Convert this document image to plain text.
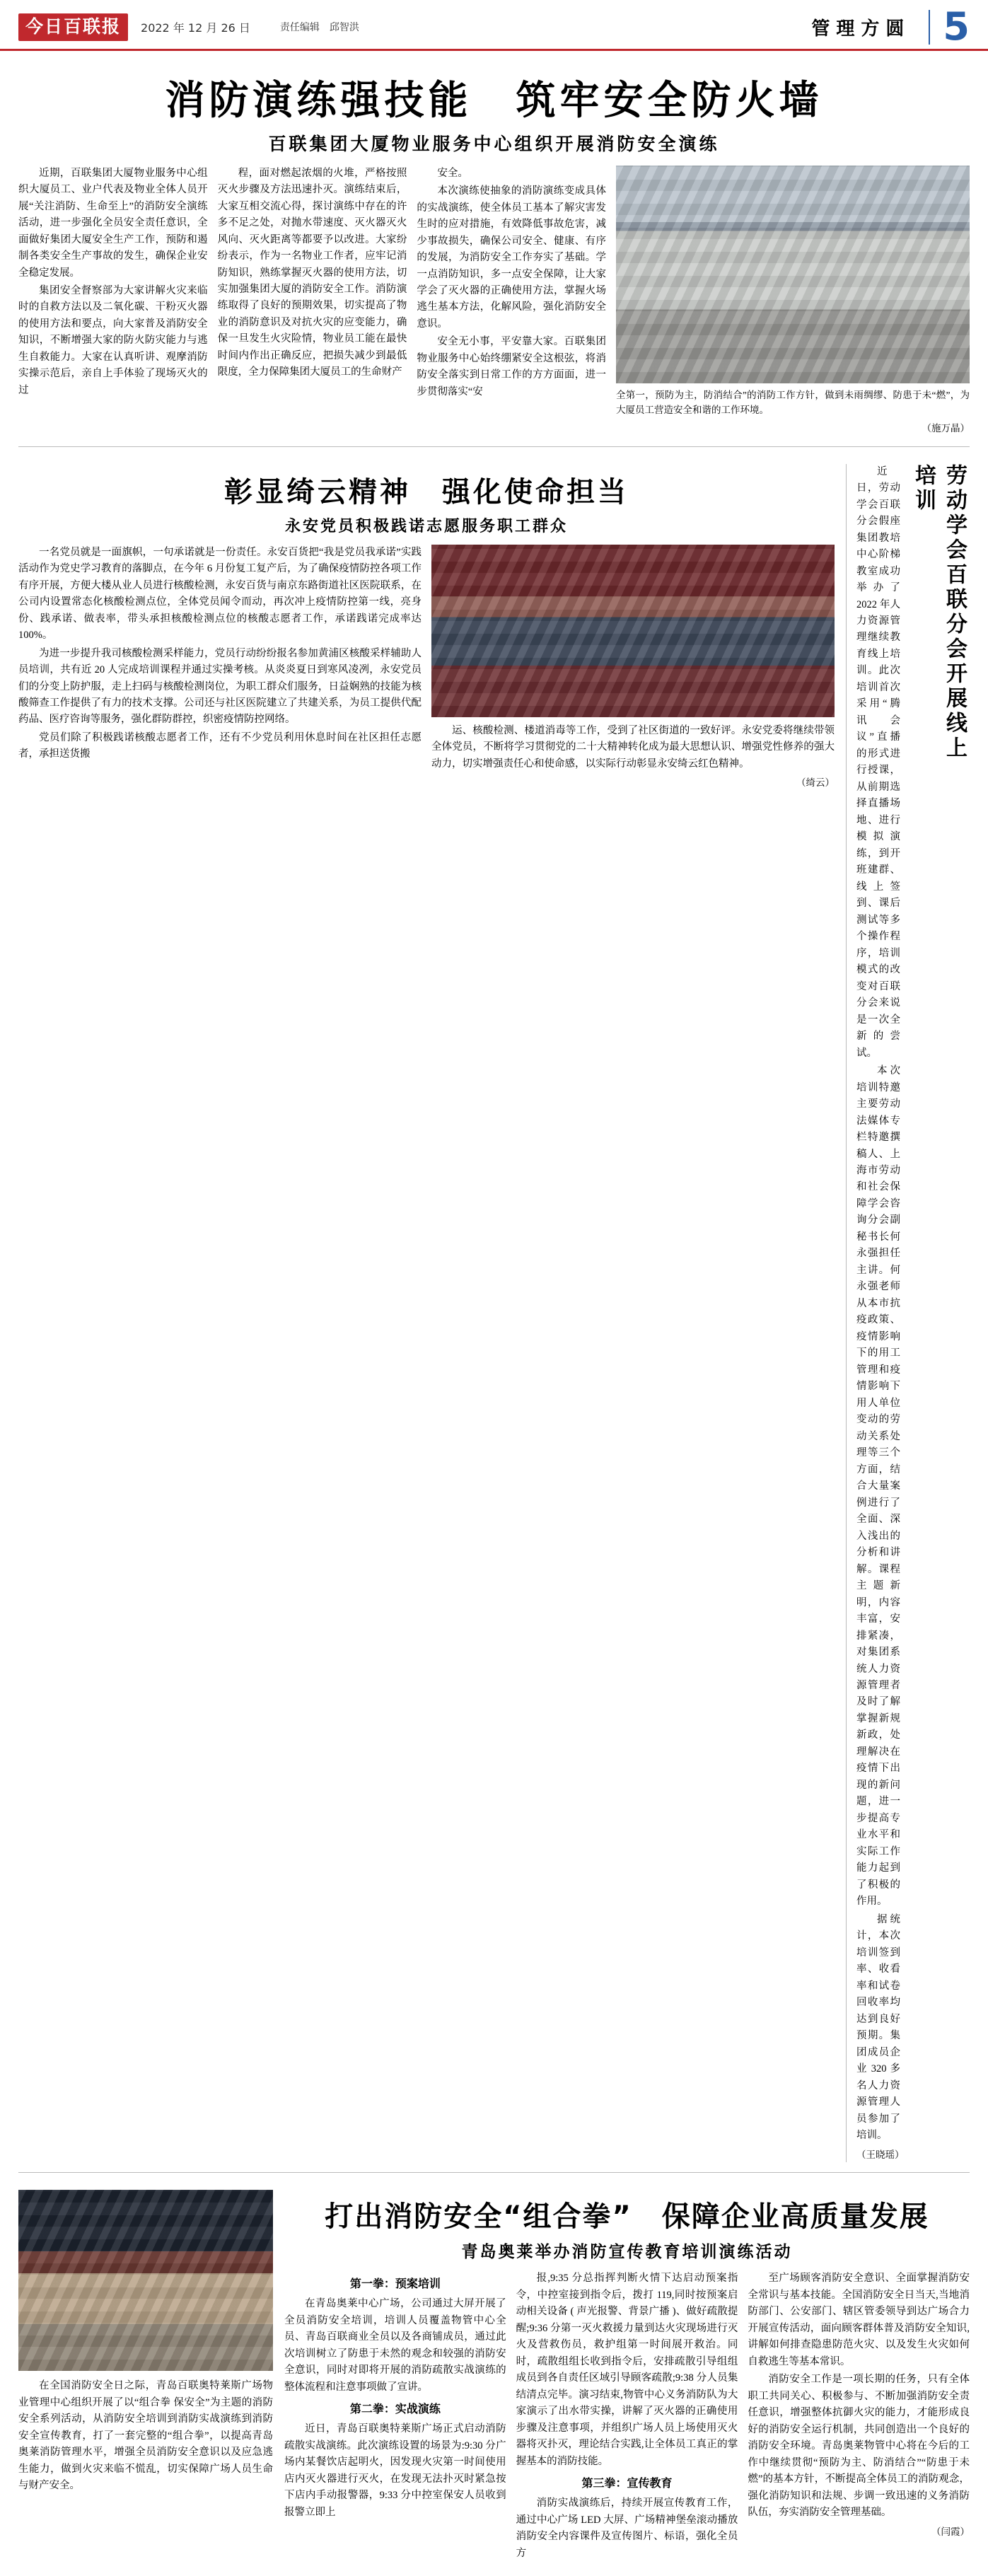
今日百联报	2022 年 12 月 26 日	责任编辑 邱智洪	管理方圆 5
消防演练强技能　筑牢安全防火墙
百联集团大厦物业服务中心组织开展消防安全演练

近期，百联集团大厦物业服务中心组织大厦员工、业户代表及物业全体人员开展“关注消防、生命至上”的消防安全演练活动，进一步强化全员安全责任意识，全面做好集团大厦安全生产工作，预防和遏制各类安全生产事故的发生，确保企业安全稳定发展。

集团安全督察部为大家讲解火灾来临时的自救方法以及二氧化碳、干粉灭火器的使用方法和要点，向大家普及消防安全知识，不断增强大家的防火防灾能力与逃生自救能力。大家在认真听讲、观摩消防实操示范后，亲自上手体验了现场灭火的过

程，面对燃起浓烟的火堆，严格按照灭火步骤及方法迅速扑灭。演练结束后，大家互相交流心得，探讨演练中存在的许多不足之处，对抛水带速度、灭火器灭火风向、灭火距离等都要予以改进。大家纷纷表示，作为一名物业工作者，应牢记消防知识，熟练掌握灭火器的使用方法，切实加强集团大厦的消防安全工作。消防演练取得了良好的预期效果，切实提高了物业的消防意识及对抗火灾的应变能力，确保一旦发生火灾险情，物业员工能在最快时间内作出正确反应，把损失减少到最低限度，全力保障集团大厦员工的生命财产

安全。

本次演练使抽象的消防演练变成具体的实战演练，使全体员工基本了解灾害发生时的应对措施，有效降低事故危害，减少事故损失，确保公司安全、健康、有序的发展，为消防安全工作夯实了基础。学一点消防知识，多一点安全保障，让大家学会了灭火器的正确使用方法，掌握火场逃生基本方法，化解风险，强化消防安全意识。

安全无小事，平安靠大家。百联集团物业服务中心始终绷紧安全这根弦，将消防安全落实到日常工作的方方面面，进一步贯彻落实“安	全第一，预防为主，防消结合”的消防工作方针，做到未雨绸缪、防患于未“燃”，为大厦员工营造安全和谐的工作环境。
（施万晶）
彰显绮云精神　强化使命担当
永安党员积极践诺志愿服务职工群众

一名党员就是一面旗帜，一句承诺就是一份责任。永安百货把“我是党员我承诺”实践活动作为党史学习教育的落脚点，在今年 6 月份复工复产后，为了确保疫情防控各项工作有序开展，方便大楼从业人员进行核酸检测，永安百货与南京东路街道社区医院联系，在公司内设置常态化核酸检测点位，全体党员闻令而动，再次冲上疫情防控第一线，亮身份、践承诺、做表率，带头承担核酸检测点位的核酸志愿者工作，承诺践诺完成率达 100%。

为进一步提升我司核酸检测采样能力，党员行动纷纷报名参加黄浦区核酸采样辅助人员培训，共有近 20 人完成培训课程并通过实操考核。从炎炎夏日到寒风凌冽，永安党员们的分变上防护服，走上扫码与核酸检测岗位，为职工群众们服务，日益娴熟的技能为核酸筛查工作提供了有力的技术支撑。公司还与社区医院建立了共建关系，为员工提供代配药品、医疗咨询等服务，强化群防群控，织密疫情防控网络。

党员们除了积极践诺核酸志愿者工作，还有不少党员利用休息时间在社区担任志愿者，承担送货搬

运、核酸检测、楼道消毒等工作，受到了社区街道的一致好评。永安党委将继续带领全体党员，不断将学习贯彻党的二十大精神转化成为最大思想认识、增强党性修养的强大动力，切实增强责任心和使命感，以实际行动彰显永安绮云红色精神。

（绮云）

近日，劳动学会百联分会假座集团教培中心阶梯教室成功举办了 2022 年人力资源管理继续教育线上培训。此次培训首次采用“腾讯会议”直播的形式进行授课，从前期选择直播场地、进行模拟演练，到开班建群、线上签到、课后测试等多个操作程序，培训模式的改变对百联分会来说是一次全新的尝试。

本次培训特邀主要劳动法媒体专栏特邀撰稿人、上海市劳动和社会保障学会咨询分会副秘书长何永强担任主讲。何永强老师从本市抗疫政策、疫情影响下的用工管理和疫情影响下用人单位变动的劳动关系处理等三个方面，结合大量案例进行了全面、深入浅出的分析和讲解。课程主题新明，内容丰富，安排紧凑，对集团系统人力资源管理者及时了解掌握新规新政，处理解决在疫情下出现的新问题，进一步提高专业水平和实际工作能力起到了积极的作用。

据统计，本次培训签到率、收看率和试卷回收率均达到良好预期。集团成员企业 320 多名人力资源管理人员参加了培训。

（王晓瑶）
劳动学会百联分会开展线上培训

在全国消防安全日之际，青岛百联奥特莱斯广场物业管理中心组织开展了以“组合拳 保安全”为主题的消防安全系列活动，从消防安全培训到消防实战演练到消防安全宣传教育，打了一套完整的“组合拳”，以提高青岛奥莱消防管理水平，增强全员消防安全意识以及应急逃生能力，做到火灾来临不慌乱，切实保障广场人员生命与财产安全。

打出消防安全“组合拳”　保障企业高质量发展
青岛奥莱举办消防宣传教育培训演练活动
第一拳：预案培训

在青岛奥莱中心广场，公司通过大屏开展了全员消防安全培训，培训人员覆盖物管中心全员、青岛百联商业全员以及各商铺成员，通过此次培训树立了防患于未然的观念和较强的消防安全意识，同时对即将开展的消防疏散实战演练的整体流程和注意事项做了宣讲。

第二拳：实战演练

近日，青岛百联奥特莱斯广场正式启动消防疏散实战演练。此次演练设置的场景为:9:30 分广场内某餐饮店起明火，因发现火灾第一时间使用店内灭火器进行灭火，在发现无法扑灭时紧急按下店内手动报警器，9:33 分中控室保安人员收到报警立即上

报,9:35 分总指挥判断火情下达启动预案指令，中控室接到指令后，拨打 119,同时按预案启动相关设备 ( 声光报警、背景广播 )、做好疏散提醒;9:36 分第一灭火救援力量到达火灾现场进行灭火及营救伤员，救护组第一时间展开救治。同时，疏散组组长收到指令后，安排疏散引导组组成员到各自责任区域引导顾客疏散;9:38 分人员集结清点完毕。演习结束,物管中心义务消防队为大家演示了出水带实操，讲解了灭火器的正确使用步骤及注意事项，并组织广场人员上场使用灭火器将灭扑灭，理论结合实践,让全体员工真正的掌握基本的消防技能。

第三拳：宣传教育

消防实战演练后，持续开展宣传教育工作，通过中心广场 LED 大屏、广场精神堡垒滚动播放消防安全内容课件及宣传图片、标语，强化全员方

至广场顾客消防安全意识、全面掌握消防安全常识与基本技能。全国消防安全日当天,当地消防部门、公安部门、辖区管委领导到达广场合力开展宣传活动，面向顾客群体普及消防安全知识,讲解如何排查隐患防范火灾、以及发生火灾如何自救逃生等基本常识。

消防安全工作是一项长期的任务，只有全体职工共同关心、积极参与、不断加强消防安全责任意识，增强整体抗御火灾的能力，才能形成良好的消防安全运行机制，共同创造出一个良好的消防安全环境。青岛奥莱物管中心将在今后的工作中继续贯彻“预防为主、防消结合”“防患于未燃”的基本方针，不断提高全体员工的消防观念，强化消防知识和法规、步调一致迅速的义务消防队伍，夯实消防安全管理基础。

（闫霞）
